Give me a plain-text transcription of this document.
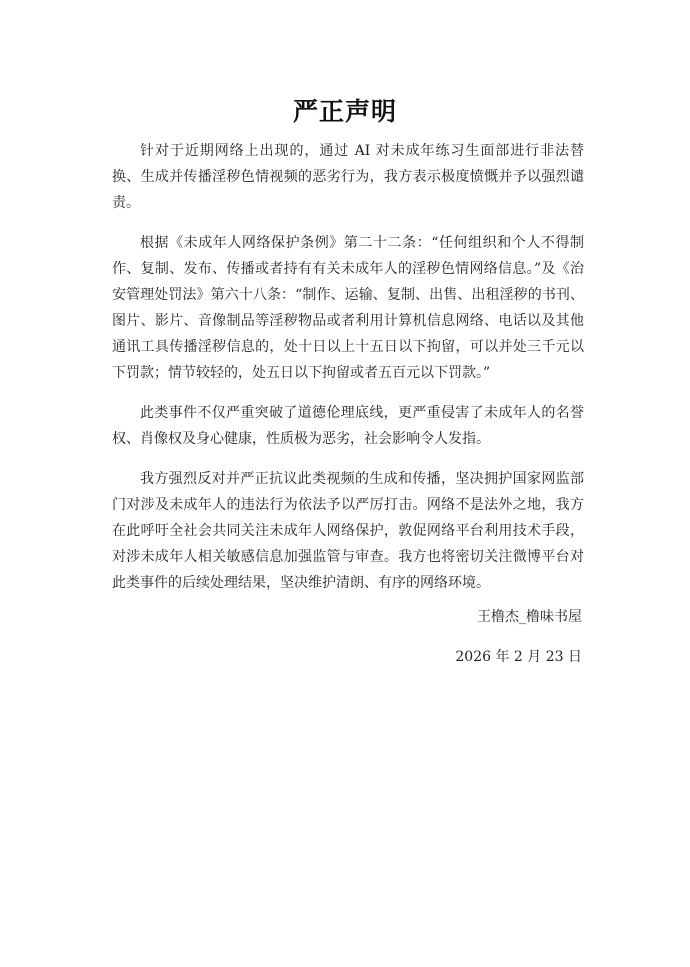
严正声明

针对于近期网络上出现的，通过 AI 对未成年练习生面部进行非法替换、生成并传播淫秽色情视频的恶劣行为，我方表示极度愤慨并予以强烈谴责。

根据《未成年人网络保护条例》第二十二条：“任何组织和个人不得制作、复制、发布、传播或者持有有关未成年人的淫秽色情网络信息。”及《治安管理处罚法》第六十八条：“制作、运输、复制、出售、出租淫秽的书刊、图片、影片、音像制品等淫秽物品或者利用计算机信息网络、电话以及其他通讯工具传播淫秽信息的，处十日以上十五日以下拘留，可以并处三千元以下罚款；情节较轻的，处五日以下拘留或者五百元以下罚款。”

此类事件不仅严重突破了道德伦理底线，更严重侵害了未成年人的名誉权、肖像权及身心健康，性质极为恶劣，社会影响令人发指。

我方强烈反对并严正抗议此类视频的生成和传播，坚决拥护国家网监部门对涉及未成年人的违法行为依法予以严厉打击。网络不是法外之地，我方在此呼吁全社会共同关注未成年人网络保护，敦促网络平台利用技术手段，对涉未成年人相关敏感信息加强监管与审查。我方也将密切关注微博平台对此类事件的后续处理结果，坚决维护清朗、有序的网络环境。

王橹杰_橹味书屋
2026 年 2 月 23 日
